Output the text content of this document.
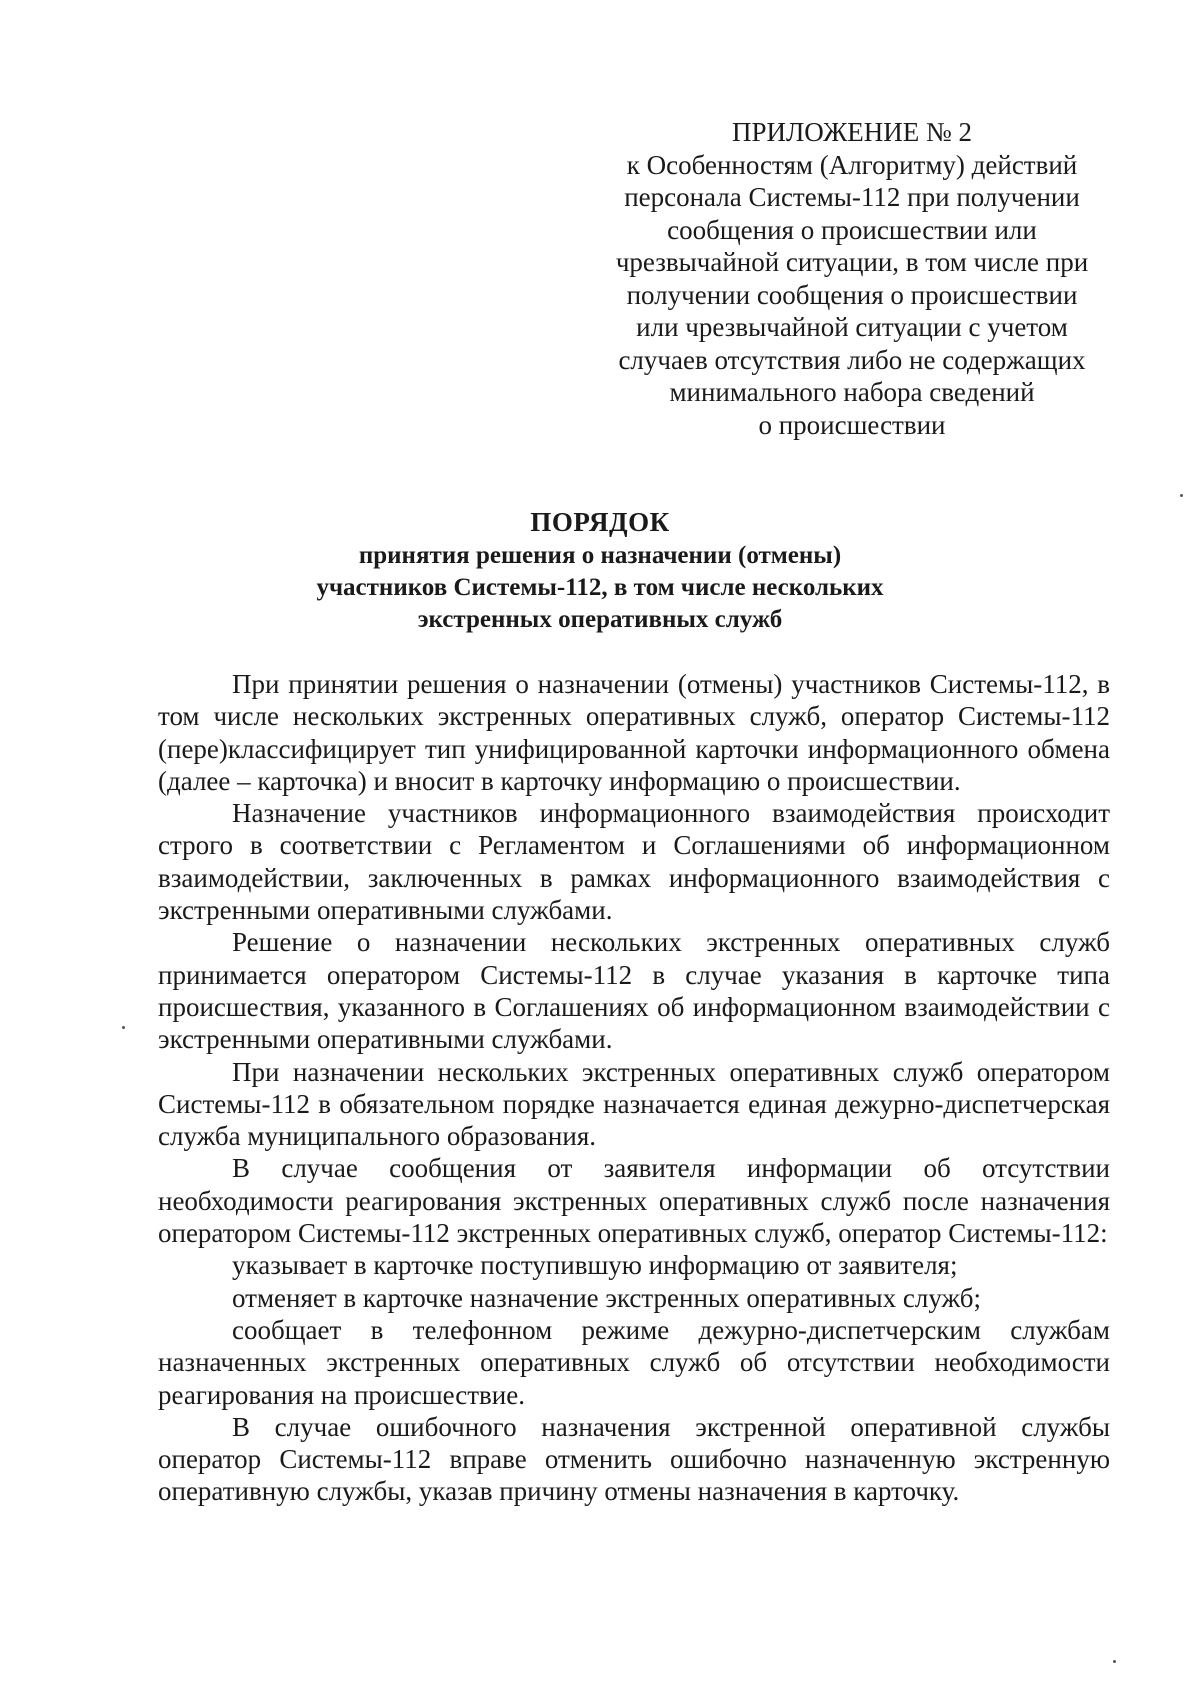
ПРИЛОЖЕНИЕ № 2
к Особенностям (Алгоритму) действий
персонала Системы-112 при получении
сообщения о происшествии или
чрезвычайной ситуации, в том числе при
получении сообщения о происшествии
или чрезвычайной ситуации с учетом
случаев отсутствия либо не содержащих
минимального набора сведений
о происшествии
ПОРЯДОК
принятия решения о назначении (отмены)
участников Системы-112, в том числе нескольких
экстренных оперативных служб

При принятии решения о назначении (отмены) участников Системы-112, в том числе нескольких экстренных оперативных служб, оператор Системы-112 (пере)классифицирует тип унифицированной карточки информационного обмена (далее – карточка) и вносит в карточку информацию о происшествии.

Назначение участников информационного взаимодействия происходит строго в соответствии с Регламентом и Соглашениями об информационном взаимодействии, заключенных в рамках информационного взаимодействия с экстренными оперативными службами.

Решение о назначении нескольких экстренных оперативных служб принимается оператором Системы-112 в случае указания в карточке типа происшествия, указанного в Соглашениях об информационном взаимодействии с экстренными оперативными службами.

При назначении нескольких экстренных оперативных служб оператором Системы-112 в обязательном порядке назначается единая дежурно-диспетчерская служба муниципального образования.

В случае сообщения от заявителя информации об отсутствии необходимости реагирования экстренных оперативных служб после назначения оператором Системы-112 экстренных оперативных служб, оператор Системы-112:

указывает в карточке поступившую информацию от заявителя;

отменяет в карточке назначение экстренных оперативных служб;

сообщает в телефонном режиме дежурно-диспетчерским службам назначенных экстренных оперативных служб об отсутствии необходимости реагирования на происшествие.

В случае ошибочного назначения экстренной оперативной службы оператор Системы-112 вправе отменить ошибочно назначенную экстренную оперативную службы, указав причину отмены назначения в карточку.
